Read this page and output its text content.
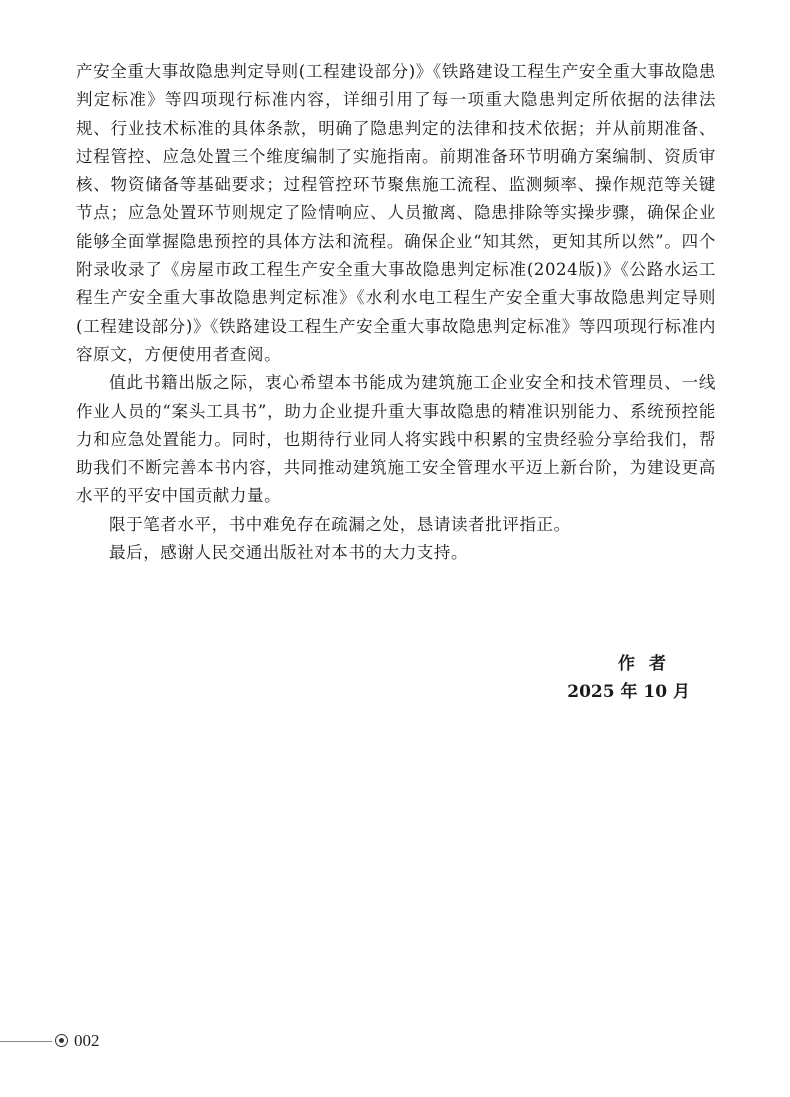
产安全重大事故隐患判定导则(工程建设部分)》《铁路建设工程生产安全重大事故隐患判定标准》等四项现行标准内容，详细引用了每一项重大隐患判定所依据的法律法规、行业技术标准的具体条款，明确了隐患判定的法律和技术依据；并从前期准备、过程管控、应急处置三个维度编制了实施指南。前期准备环节明确方案编制、资质审核、物资储备等基础要求；过程管控环节聚焦施工流程、监测频率、操作规范等关键节点；应急处置环节则规定了险情响应、人员撤离、隐患排除等实操步骤，确保企业能够全面掌握隐患预控的具体方法和流程。确保企业“知其然，更知其所以然”。四个附录收录了《房屋市政工程生产安全重大事故隐患判定标准(2024版)》《公路水运工程生产安全重大事故隐患判定标准》《水利水电工程生产安全重大事故隐患判定导则(工程建设部分)》《铁路建设工程生产安全重大事故隐患判定标准》等四项现行标准内容原文，方便使用者查阅。

值此书籍出版之际，衷心希望本书能成为建筑施工企业安全和技术管理员、一线作业人员的“案头工具书”，助力企业提升重大事故隐患的精准识别能力、系统预控能力和应急处置能力。同时，也期待行业同人将实践中积累的宝贵经验分享给我们，帮助我们不断完善本书内容，共同推动建筑施工安全管理水平迈上新台阶，为建设更高水平的平安中国贡献力量。

限于笔者水平，书中难免存在疏漏之处，恳请读者批评指正。

最后，感谢人民交通出版社对本书的大力支持。

作者
2025 年 10 月
002
